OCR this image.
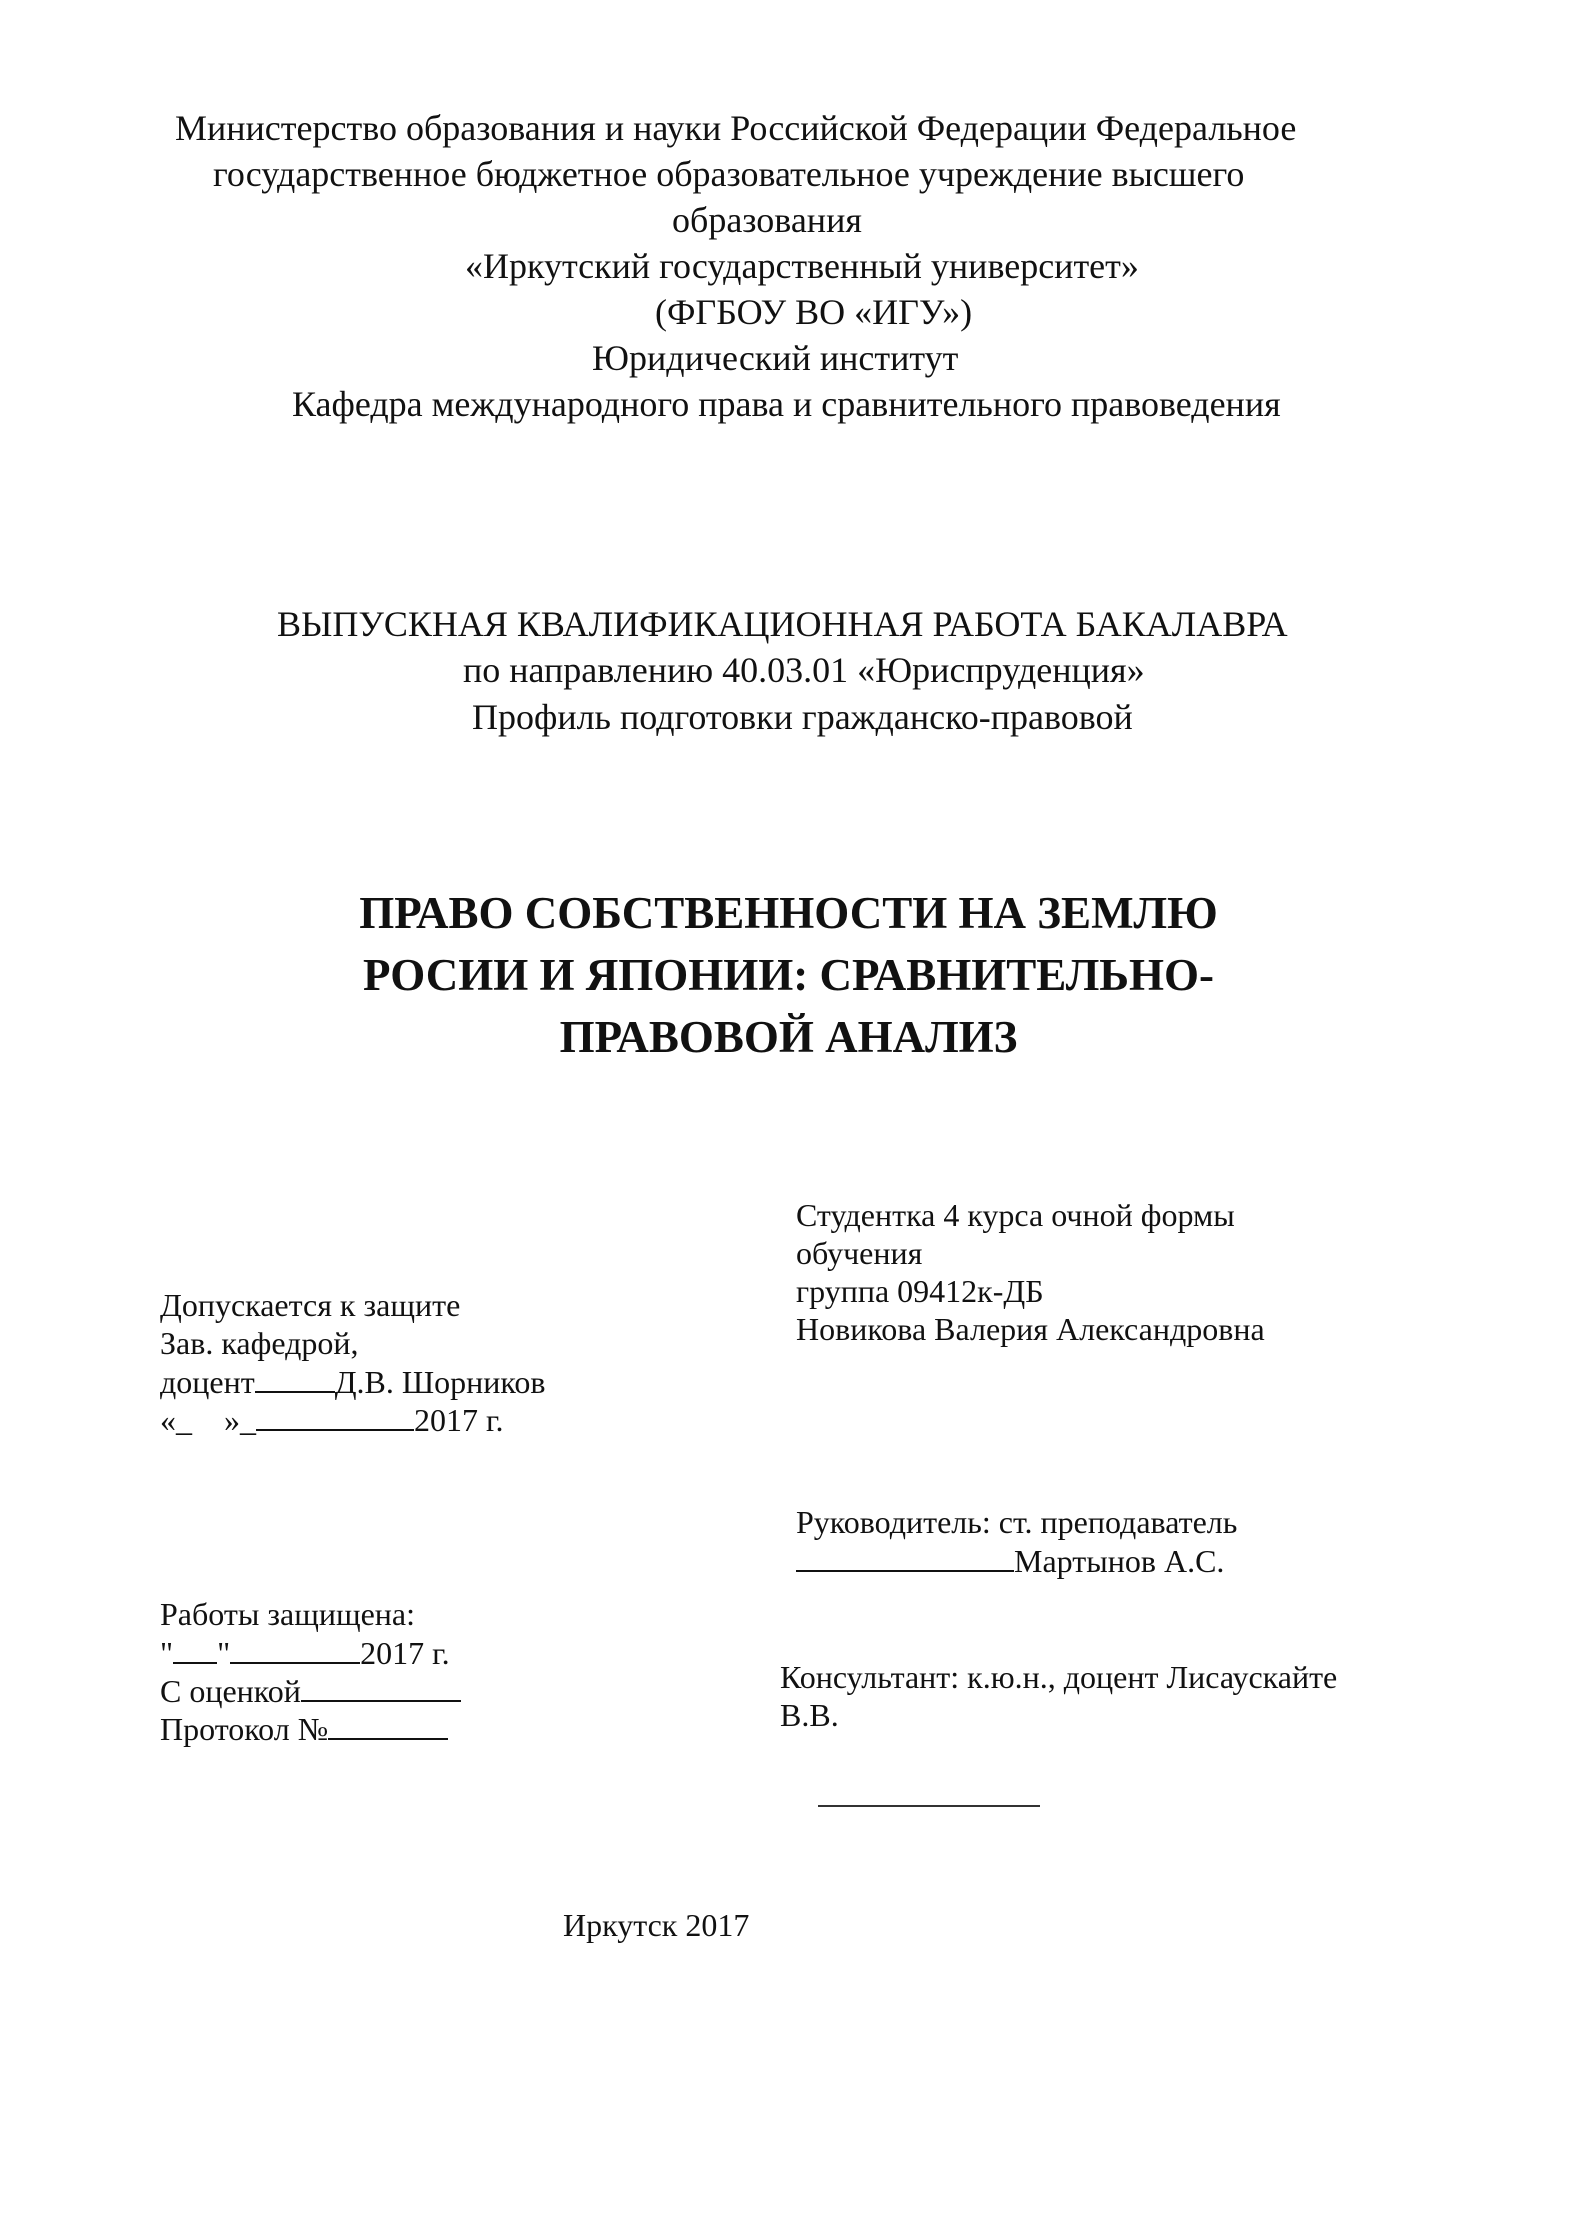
Министерство образования и науки Российской Федерации Федеральное
государственное бюджетное образовательное учреждение высшего
образования
«Иркутский государственный университет»
(ФГБОУ ВО «ИГУ»)
Юридический институт
Кафедра международного права и сравнительного правоведения
ВЫПУСКНАЯ КВАЛИФИКАЦИОННАЯ РАБОТА БАКАЛАВРА
по направлению 40.03.01 «Юриспруденция»
Профиль подготовки гражданско-правовой
ПРАВО СОБСТВЕННОСТИ НА ЗЕМЛЮ
РОСИИ И ЯПОНИИ: СРАВНИТЕЛЬНО-
ПРАВОВОЙ АНАЛИЗ
Студентка 4 курса очной формы
обучения
группа 09412к-ДБ
Новикова Валерия Александровна
Допускается к защите
Зав. кафедрой,
доцент	Д.В. Шорников
«_ »_	2017 г.
Руководитель: ст. преподаватель
Мартынов А.С.
Работы защищена:
" "	2017 г.
С оценкой
Протокол №
Консультант: к.ю.н., доцент Лисаускайте
В.В.
Иркутск 2017
